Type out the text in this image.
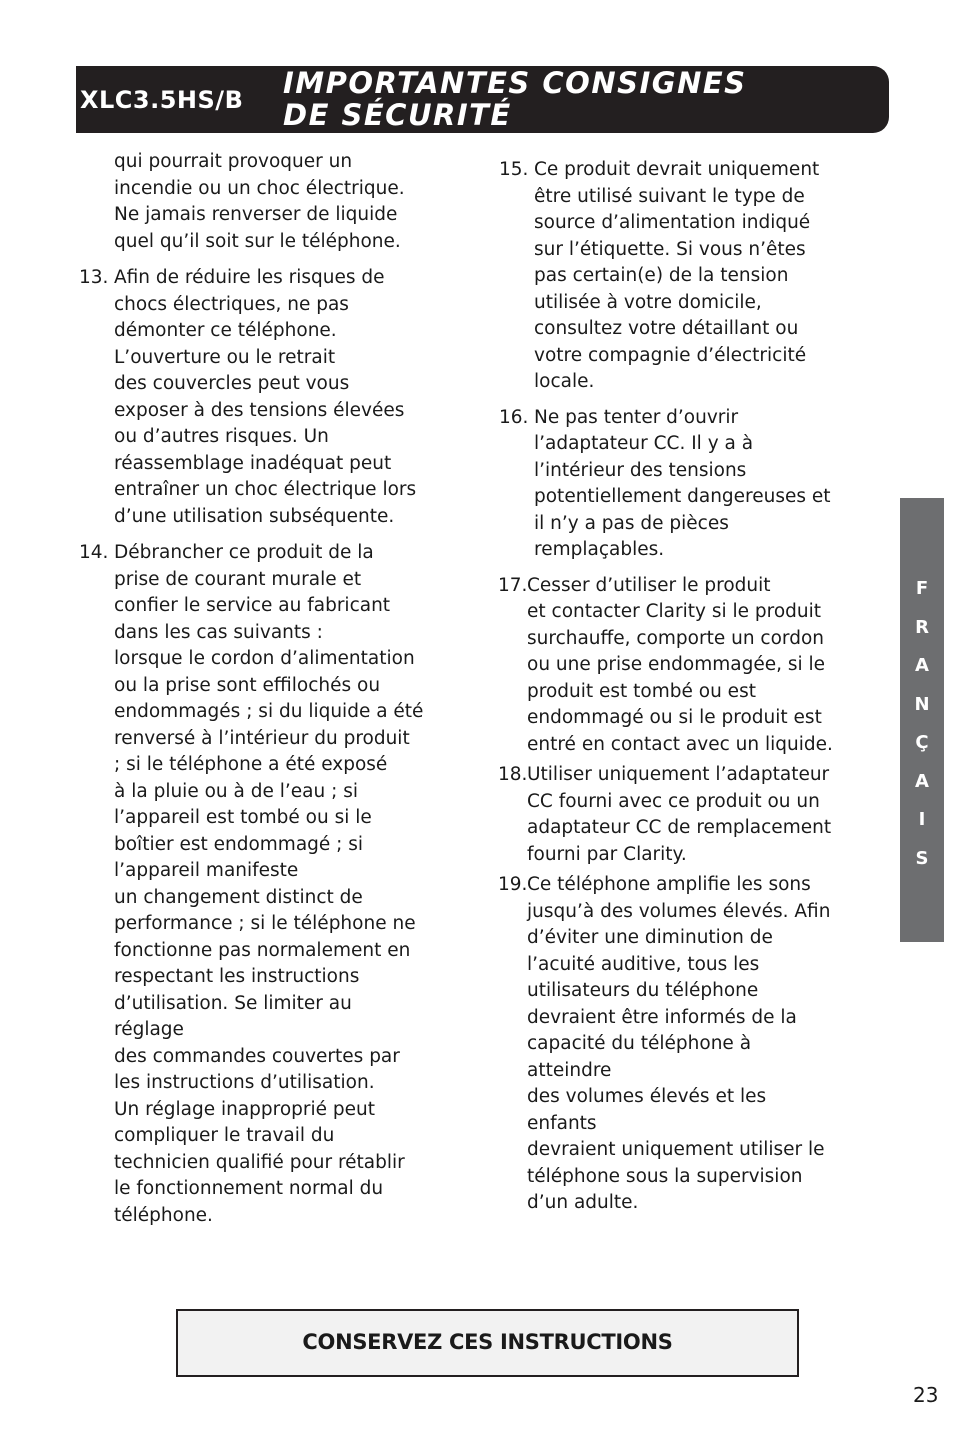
XLC3.5HS/B IMPORTANTES CONSIGNES
DE SÉCURITÉ
qui pourrait provoquer un
incendie ou un choc électrique.
Ne jamais renverser de liquide
quel qu’il soit sur le téléphone.
13. Afin de réduire les risques de
chocs électriques, ne pas
démonter ce téléphone.
L’ouverture ou le retrait
des couvercles peut vous
exposer à des tensions élevées
ou d’autres risques. Un
réassemblage inadéquat peut
entraîner un choc électrique lors
d’une utilisation subséquente.
14. Débrancher ce produit de la
prise de courant murale et
confier le service au fabricant
dans les cas suivants :
lorsque le cordon d’alimentation
ou la prise sont effilochés ou
endommagés ; si du liquide a été
renversé à l’intérieur du produit
; si le téléphone a été exposé
à la pluie ou à de l’eau ; si
l’appareil est tombé ou si le
boîtier est endommagé ; si
l’appareil manifeste
un changement distinct de
performance ; si le téléphone ne
fonctionne pas normalement en
respectant les instructions
d’utilisation. Se limiter au réglage
des commandes couvertes par
les instructions d’utilisation.
Un réglage inapproprié peut
compliquer le travail du
technicien qualifié pour rétablir
le fonctionnement normal du
téléphone.
15. Ce produit devrait uniquement
être utilisé suivant le type de
source d’alimentation indiqué
sur l’étiquette. Si vous n’êtes
pas certain(e) de la tension
utilisée à votre domicile,
consultez votre détaillant ou
votre compagnie d’électricité
locale.
16. Ne pas tenter d’ouvrir
l’adaptateur CC. Il y a à
l’intérieur des tensions
potentiellement dangereuses et
il n’y a pas de pièces
remplaçables.
17. Cesser d’utiliser le produit
et contacter Clarity si le produit
surchauffe, comporte un cordon
ou une prise endommagée, si le
produit est tombé ou est
endommagé ou si le produit est
entré en contact avec un liquide.
18. Utiliser uniquement l’adaptateur
CC fourni avec ce produit ou un
adaptateur CC de remplacement
fourni par Clarity.
19. Ce téléphone amplifie les sons
jusqu’à des volumes élevés. Afin
d’éviter une diminution de
l’acuité auditive, tous les
utilisateurs du téléphone
devraient être informés de la
capacité du téléphone à atteindre
des volumes élevés et les enfants
devraient uniquement utiliser le
téléphone sous la supervision
d’un adulte.
F
R
A
N
Ç
A
I
S
CONSERVEZ CES INSTRUCTIONS
23
